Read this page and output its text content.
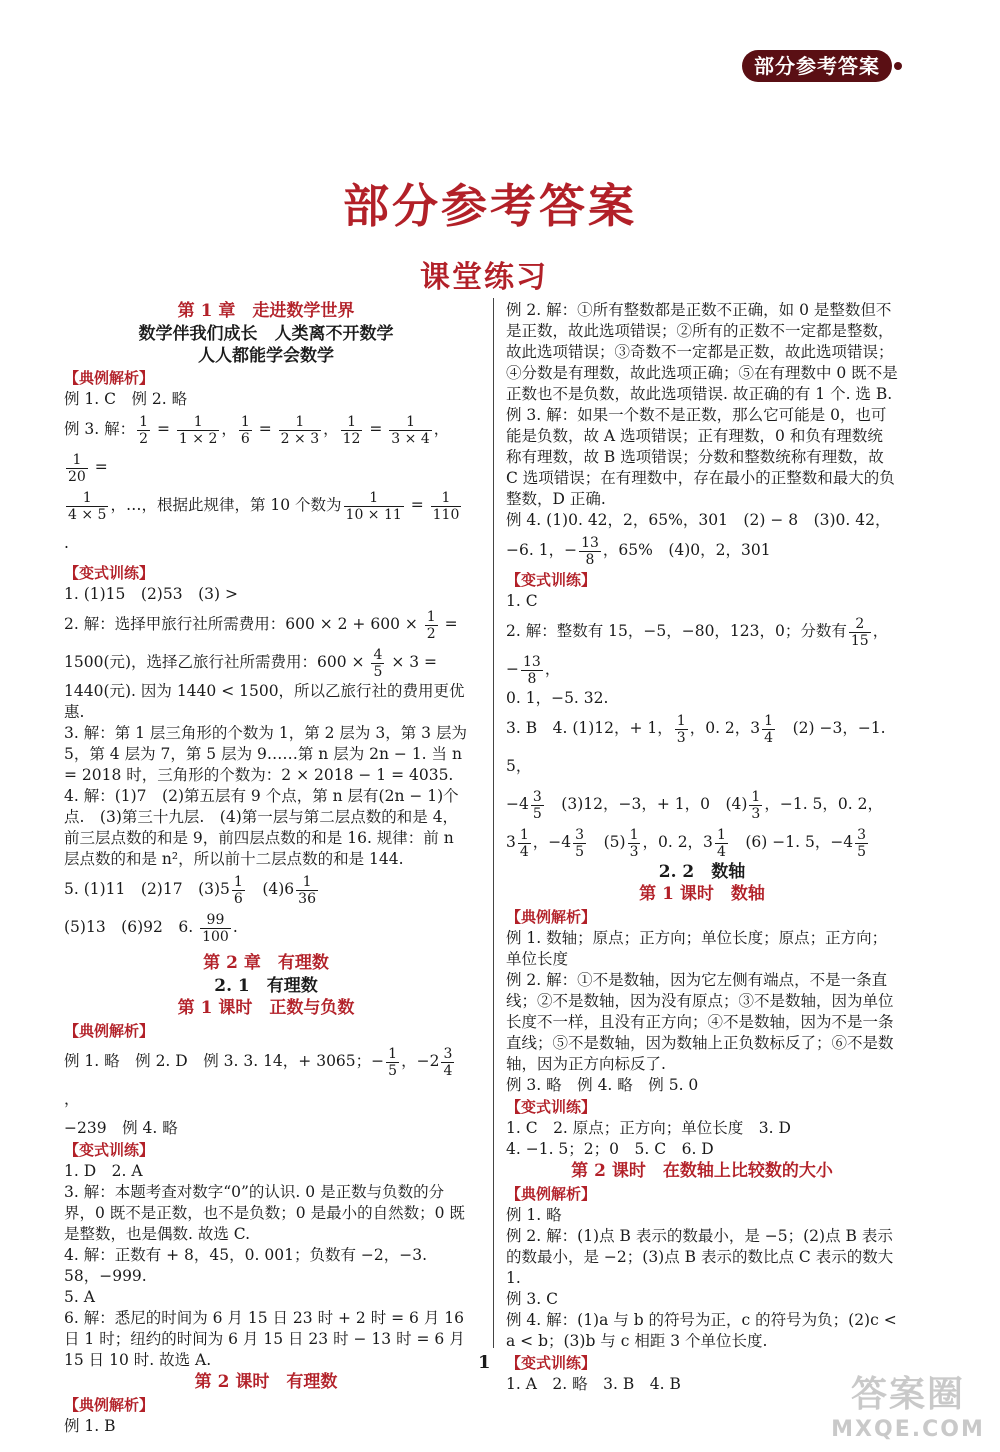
部分参考答案
部分参考答案
课堂练习

第 1 章　走进数学世界

数学伴我们成长　人类离不开数学

人人都能学会数学

【典例解析】

例 1. C　例 2. 略

例 3. 解： $\frac{1}{2} = \frac{1}{1 \times 2}$ ， $\frac{1}{6} = \frac{1}{2 \times 3}$ ， $\frac{1}{12} = \frac{1}{3 \times 4}$ ，
$\frac{1}{20}$ =

$\frac{1}{4 \times 5}$ ，…，根据此规律，第 10 个数为 $\frac{1}{10 \times 11} = \frac{1}{110}$
.

【变式训练】

1. (1)15　(2)53　(3) >

2. 解：选择甲旅行社所需费用：$600 \times 2 + 600 \times \frac{1}{2}$ =

1500(元)，选择乙旅行社所需费用：$600 \times \frac{4}{5} \times 3$ =

1440(元). 因为 1440 < 1500，所以乙旅行社的费用更优惠.

3. 解：第 1 层三角形的个数为 1，第 2 层为 3，第 3 层为 5，第 4 层为 7，第 5 层为 9……第 n 层为 2n − 1. 当 n = 2018 时，三角形的个数为：2 × 2018 − 1 = 4035.

4. 解：(1)7　(2)第五层有 9 个点，第 n 层有(2n − 1)个点.　(3)第三十九层.　(4)第一层与第二层点数的和是 4，前三层点数的和是 9，前四层点数的和是 16. 规律：前 n 层点数的和是 n²，所以前十二层点数的和是 144.

5. (1)11　(2)17　$(3)5 \frac{1}{6}$
　 $(4)6 \frac{1}{36}$

(5)13　(6)92　6. $\frac{99}{100}$ .

第 2 章　有理数

2. 1　有理数

第 1 课时　正数与负数

【典例解析】

例 1. 略　例 2. D　例 3. 3. 14，+ 3065；− $\frac{1}{5}$ ，$-2 \frac{3}{4}$
，

−239　例 4. 略

【变式训练】

1. D　2. A

3. 解：本题考查对数字“0”的认识. 0 是正数与负数的分界，0 既不是正数，也不是负数；0 是最小的自然数；0 既是整数，也是偶数. 故选 C.

4. 解：正数有 + 8，45，0. 001；负数有 −2，−3. 58，−999.

5. A

6. 解：悉尼的时间为 6 月 15 日 23 时 + 2 时 = 6 月 16 日 1 时；纽约的时间为 6 月 15 日 23 时 − 13 时 = 6 月 15 日 10 时. 故选 A.

第 2 课时　有理数

【典例解析】

例 1. B

例 2. 解：①所有整数都是正数不正确，如 0 是整数但不是正数，故此选项错误；②所有的正数不一定都是整数，故此选项错误；③奇数不一定都是正数，故此选项错误；④分数是有理数，故此选项正确；⑤在有理数中 0 既不是正数也不是负数，故此选项错误. 故正确的有 1 个. 选 B.

例 3. 解：如果一个数不是正数，那么它可能是 0，也可能是负数，故 A 选项错误；正有理数，0 和负有理数统称有理数，故 B 选项错误；分数和整数统称有理数，故 C 选项错误；在有理数中，存在最小的正整数和最大的负整数，D 正确.

例 4. (1)0. 42，2，65%，301　(2) − 8　(3)0. 42，

−6. 1，− $\frac{13}{8}$ ，65%　(4)0，2，301

【变式训练】

1. C

2. 解：整数有 15，−5，−80，123，0；分数有 $\frac{2}{15}$ ，− $\frac{13}{8}$ ，

0. 1，−5. 32.

3. B　4. (1)12，+ 1， $\frac{1}{3}$ ，0. 2，$3 \frac{1}{4}$
　 (2) −3，−1. 5，

$-4 \frac{3}{5}$
　 (3)12，−3，+ 1，0　$(4) \frac{1}{3}$ ，−1. 5，0. 2，

$3 \frac{1}{4}$ ，$-4 \frac{3}{5}$
　 $(5) \frac{1}{3}$ ，0. 2，$3 \frac{1}{4}$
　 (6) −1. 5，$-4 \frac{3}{5}$

2. 2　数轴

第 1 课时　数轴

【典例解析】

例 1. 数轴；原点；正方向；单位长度；原点；正方向；单位长度

例 2. 解：①不是数轴，因为它左侧有端点，不是一条直线；②不是数轴，因为没有原点；③不是数轴，因为单位长度不一样，且没有正方向；④不是数轴，因为不是一条直线；⑤不是数轴，因为数轴上正负数标反了；⑥不是数轴，因为正方向标反了.

例 3. 略　例 4. 略　例 5. 0

【变式训练】

1. C　2. 原点；正方向；单位长度　3. D

4. −1. 5；2；0　5. C　6. D

第 2 课时　在数轴上比较数的大小

【典例解析】

例 1. 略

例 2. 解：(1)点 B 表示的数最小，是 −5；(2)点 B 表示的数最小，是 −2；(3)点 B 表示的数比点 C 表示的数大 1.

例 3. C

例 4. 解：(1)a 与 b 的符号为正，c 的符号为负；(2)c < a < b；(3)b 与 c 相距 3 个单位长度.

【变式训练】

1. A　2. 略　3. B　4. B

1
答案圈
MXQE.COM
